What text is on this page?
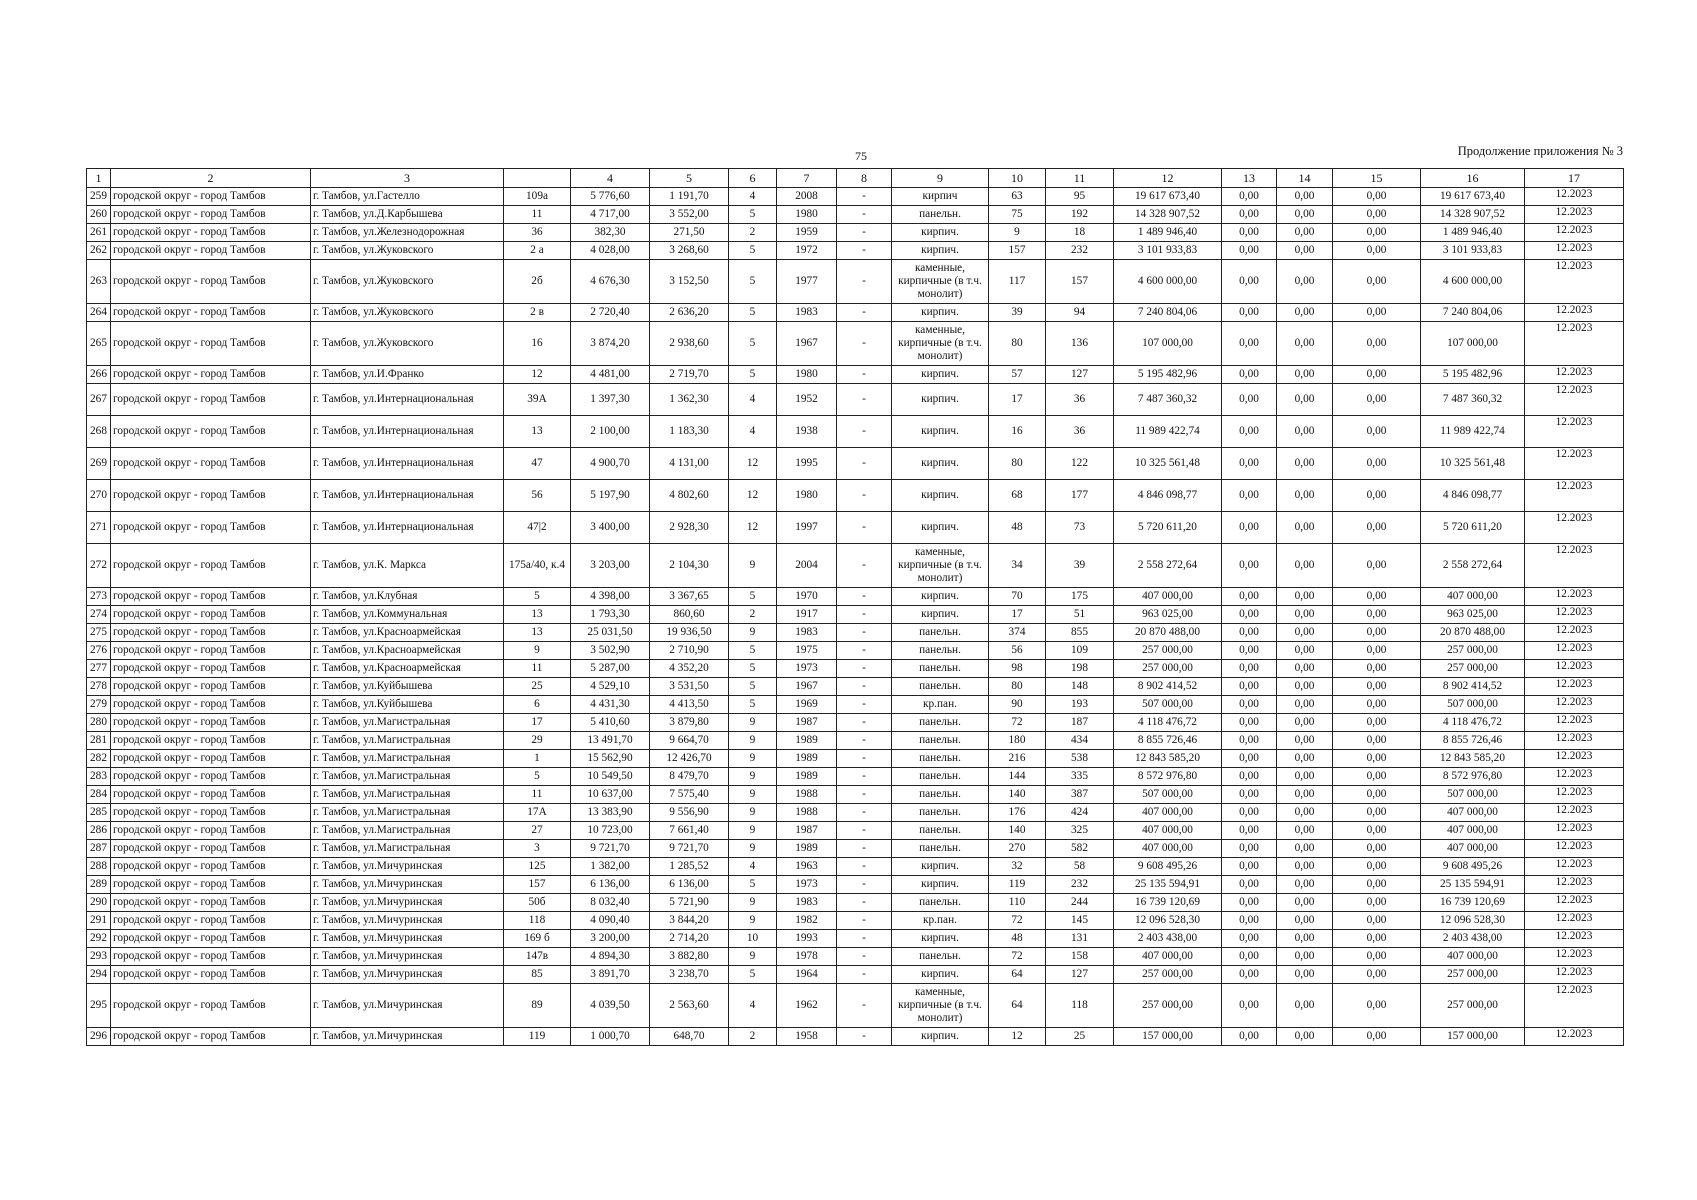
75	Продолжение приложения № 3
1	2	3		4	5	6	7	8	9	10	11	12	13	14	15	16	17
259	городской округ - город Тамбов	г. Тамбов, ул.Гастелло	109а	5 776,60	1 191,70	4	2008	-	кирпич	63	95	19 617 673,40	0,00	0,00	0,00	19 617 673,40	12.2023
260	городской округ - город Тамбов	г. Тамбов, ул.Д.Карбышева	11	4 717,00	3 552,00	5	1980	-	панельн.	75	192	14 328 907,52	0,00	0,00	0,00	14 328 907,52	12.2023
261	городской округ - город Тамбов	г. Тамбов, ул.Железнодорожная	36	382,30	271,50	2	1959	-	кирпич.	9	18	1 489 946,40	0,00	0,00	0,00	1 489 946,40	12.2023
262	городской округ - город Тамбов	г. Тамбов, ул.Жуковского	2 а	4 028,00	3 268,60	5	1972	-	кирпич.	157	232	3 101 933,83	0,00	0,00	0,00	3 101 933,83	12.2023
263	городской округ - город Тамбов	г. Тамбов, ул.Жуковского	2б	4 676,30	3 152,50	5	1977	-	каменные, кирпичные (в т.ч. монолит)	117	157	4 600 000,00	0,00	0,00	0,00	4 600 000,00	12.2023
264	городской округ - город Тамбов	г. Тамбов, ул.Жуковского	2 в	2 720,40	2 636,20	5	1983	-	кирпич.	39	94	7 240 804,06	0,00	0,00	0,00	7 240 804,06	12.2023
265	городской округ - город Тамбов	г. Тамбов, ул.Жуковского	16	3 874,20	2 938,60	5	1967	-	каменные, кирпичные (в т.ч. монолит)	80	136	107 000,00	0,00	0,00	0,00	107 000,00	12.2023
266	городской округ - город Тамбов	г. Тамбов, ул.И.Франко	12	4 481,00	2 719,70	5	1980	-	кирпич.	57	127	5 195 482,96	0,00	0,00	0,00	5 195 482,96	12.2023
267	городской округ - город Тамбов	г. Тамбов, ул.Интернациональная	39А	1 397,30	1 362,30	4	1952	-	кирпич.	17	36	7 487 360,32	0,00	0,00	0,00	7 487 360,32	12.2023
268	городской округ - город Тамбов	г. Тамбов, ул.Интернациональная	13	2 100,00	1 183,30	4	1938	-	кирпич.	16	36	11 989 422,74	0,00	0,00	0,00	11 989 422,74	12.2023
269	городской округ - город Тамбов	г. Тамбов, ул.Интернациональная	47	4 900,70	4 131,00	12	1995	-	кирпич.	80	122	10 325 561,48	0,00	0,00	0,00	10 325 561,48	12.2023
270	городской округ - город Тамбов	г. Тамбов, ул.Интернациональная	56	5 197,90	4 802,60	12	1980	-	кирпич.	68	177	4 846 098,77	0,00	0,00	0,00	4 846 098,77	12.2023
271	городской округ - город Тамбов	г. Тамбов, ул.Интернациональная	47|2	3 400,00	2 928,30	12	1997	-	кирпич.	48	73	5 720 611,20	0,00	0,00	0,00	5 720 611,20	12.2023
272	городской округ - город Тамбов	г. Тамбов, ул.К. Маркса	175а/40, к.4	3 203,00	2 104,30	9	2004	-	каменные, кирпичные (в т.ч. монолит)	34	39	2 558 272,64	0,00	0,00	0,00	2 558 272,64	12.2023
273	городской округ - город Тамбов	г. Тамбов, ул.Клубная	5	4 398,00	3 367,65	5	1970	-	кирпич.	70	175	407 000,00	0,00	0,00	0,00	407 000,00	12.2023
274	городской округ - город Тамбов	г. Тамбов, ул.Коммунальная	13	1 793,30	860,60	2	1917	-	кирпич.	17	51	963 025,00	0,00	0,00	0,00	963 025,00	12.2023
275	городской округ - город Тамбов	г. Тамбов, ул.Красноармейская	13	25 031,50	19 936,50	9	1983	-	панельн.	374	855	20 870 488,00	0,00	0,00	0,00	20 870 488,00	12.2023
276	городской округ - город Тамбов	г. Тамбов, ул.Красноармейская	9	3 502,90	2 710,90	5	1975	-	панельн.	56	109	257 000,00	0,00	0,00	0,00	257 000,00	12.2023
277	городской округ - город Тамбов	г. Тамбов, ул.Красноармейская	11	5 287,00	4 352,20	5	1973	-	панельн.	98	198	257 000,00	0,00	0,00	0,00	257 000,00	12.2023
278	городской округ - город Тамбов	г. Тамбов, ул.Куйбышева	25	4 529,10	3 531,50	5	1967	-	панельн.	80	148	8 902 414,52	0,00	0,00	0,00	8 902 414,52	12.2023
279	городской округ - город Тамбов	г. Тамбов, ул.Куйбышева	6	4 431,30	4 413,50	5	1969	-	кр.пан.	90	193	507 000,00	0,00	0,00	0,00	507 000,00	12.2023
280	городской округ - город Тамбов	г. Тамбов, ул.Магистральная	17	5 410,60	3 879,80	9	1987	-	панельн.	72	187	4 118 476,72	0,00	0,00	0,00	4 118 476,72	12.2023
281	городской округ - город Тамбов	г. Тамбов, ул.Магистральная	29	13 491,70	9 664,70	9	1989	-	панельн.	180	434	8 855 726,46	0,00	0,00	0,00	8 855 726,46	12.2023
282	городской округ - город Тамбов	г. Тамбов, ул.Магистральная	1	15 562,90	12 426,70	9	1989	-	панельн.	216	538	12 843 585,20	0,00	0,00	0,00	12 843 585,20	12.2023
283	городской округ - город Тамбов	г. Тамбов, ул.Магистральная	5	10 549,50	8 479,70	9	1989	-	панельн.	144	335	8 572 976,80	0,00	0,00	0,00	8 572 976,80	12.2023
284	городской округ - город Тамбов	г. Тамбов, ул.Магистральная	11	10 637,00	7 575,40	9	1988	-	панельн.	140	387	507 000,00	0,00	0,00	0,00	507 000,00	12.2023
285	городской округ - город Тамбов	г. Тамбов, ул.Магистральная	17А	13 383,90	9 556,90	9	1988	-	панельн.	176	424	407 000,00	0,00	0,00	0,00	407 000,00	12.2023
286	городской округ - город Тамбов	г. Тамбов, ул.Магистральная	27	10 723,00	7 661,40	9	1987	-	панельн.	140	325	407 000,00	0,00	0,00	0,00	407 000,00	12.2023
287	городской округ - город Тамбов	г. Тамбов, ул.Магистральная	3	9 721,70	9 721,70	9	1989	-	панельн.	270	582	407 000,00	0,00	0,00	0,00	407 000,00	12.2023
288	городской округ - город Тамбов	г. Тамбов, ул.Мичуринская	125	1 382,00	1 285,52	4	1963	-	кирпич.	32	58	9 608 495,26	0,00	0,00	0,00	9 608 495,26	12.2023
289	городской округ - город Тамбов	г. Тамбов, ул.Мичуринская	157	6 136,00	6 136,00	5	1973	-	кирпич.	119	232	25 135 594,91	0,00	0,00	0,00	25 135 594,91	12.2023
290	городской округ - город Тамбов	г. Тамбов, ул.Мичуринская	50б	8 032,40	5 721,90	9	1983	-	панельн.	110	244	16 739 120,69	0,00	0,00	0,00	16 739 120,69	12.2023
291	городской округ - город Тамбов	г. Тамбов, ул.Мичуринская	118	4 090,40	3 844,20	9	1982	-	кр.пан.	72	145	12 096 528,30	0,00	0,00	0,00	12 096 528,30	12.2023
292	городской округ - город Тамбов	г. Тамбов, ул.Мичуринская	169 б	3 200,00	2 714,20	10	1993	-	кирпич.	48	131	2 403 438,00	0,00	0,00	0,00	2 403 438,00	12.2023
293	городской округ - город Тамбов	г. Тамбов, ул.Мичуринская	147в	4 894,30	3 882,80	9	1978	-	панельн.	72	158	407 000,00	0,00	0,00	0,00	407 000,00	12.2023
294	городской округ - город Тамбов	г. Тамбов, ул.Мичуринская	85	3 891,70	3 238,70	5	1964	-	кирпич.	64	127	257 000,00	0,00	0,00	0,00	257 000,00	12.2023
295	городской округ - город Тамбов	г. Тамбов, ул.Мичуринская	89	4 039,50	2 563,60	4	1962	-	каменные, кирпичные (в т.ч. монолит)	64	118	257 000,00	0,00	0,00	0,00	257 000,00	12.2023
296	городской округ - город Тамбов	г. Тамбов, ул.Мичуринская	119	1 000,70	648,70	2	1958	-	кирпич.	12	25	157 000,00	0,00	0,00	0,00	157 000,00	12.2023
